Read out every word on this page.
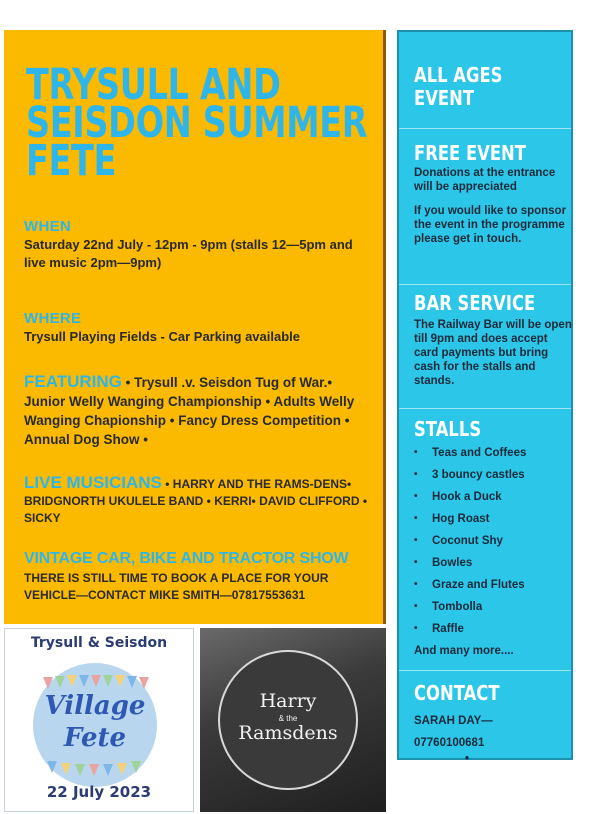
TRYSULL AND SEISDON SUMMER FETE
WHEN
Saturday 22nd July - 12pm - 9pm (stalls 12—5pm and live music 2pm—9pm)
WHERE
Trysull Playing Fields - Car Parking available
FEATURING • Trysull .v. Seisdon Tug of War.• Junior Welly Wanging Championship • Adults Welly Wanging Chapionship • Fancy Dress Competition • Annual Dog Show •
LIVE MUSICIANS • HARRY AND THE RAMS-DENS• BRIDGNORTH UKULELE BAND • KERRI• DAVID CLIFFORD • SICKY
VINTAGE CAR, BIKE AND TRACTOR SHOW
THERE IS STILL TIME TO BOOK A PLACE FOR YOUR VEHICLE—CONTACT MIKE SMITH—07817553631
ALL AGES EVENT
FREE EVENT
Donations at the entrance will be appreciated
If you would like to sponsor the event in the programme please get in touch.
BAR SERVICE
The Railway Bar will be open till 9pm and does accept card payments but bring cash for the stalls and stands.
STALLS
•	Teas and Coffees
•	3 bouncy castles
•	Hook a Duck
•	Hog Roast
•	Coconut Shy
•	Bowles
•	Graze and Flutes
•	Tombolla
•	Raffle
And many more....
CONTACT
SARAH DAY—
07760100681
•
Trysull & Seisdon
Village
Fete
22 July 2023
Harry
& the
Ramsdens
